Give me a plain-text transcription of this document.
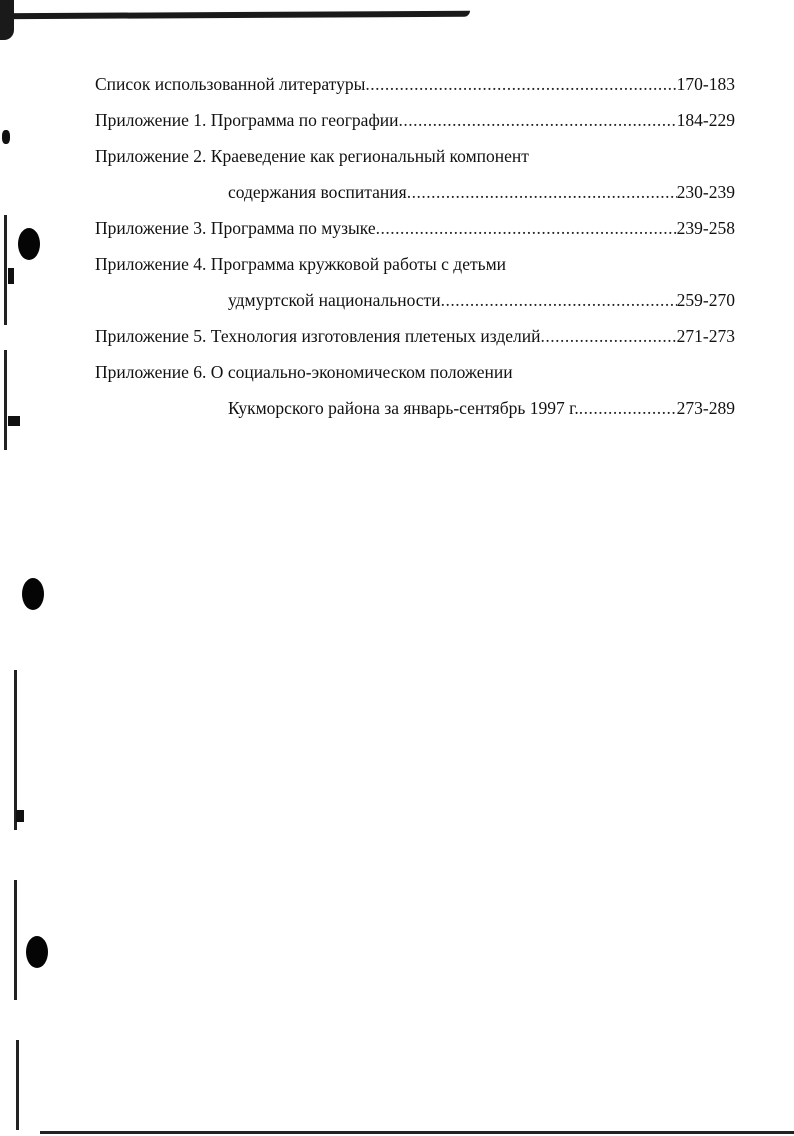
Список использованной литературы .....	170-183
Приложение 1. Программа по географии .....	184-229
Приложение 2. Краеведение как региональный компонент
содержания воспитания .....	230-239
Приложение 3. Программа по музыке .....	239-258
Приложение 4. Программа кружковой работы с детьми
удмуртской национальности .....	259-270
Приложение 5. Технология изготовления плетеных изделий .....	271-273
Приложение 6. О социально-экономическом положении
Кукморского района за январь-сентябрь 1997 г. .....	273-289
